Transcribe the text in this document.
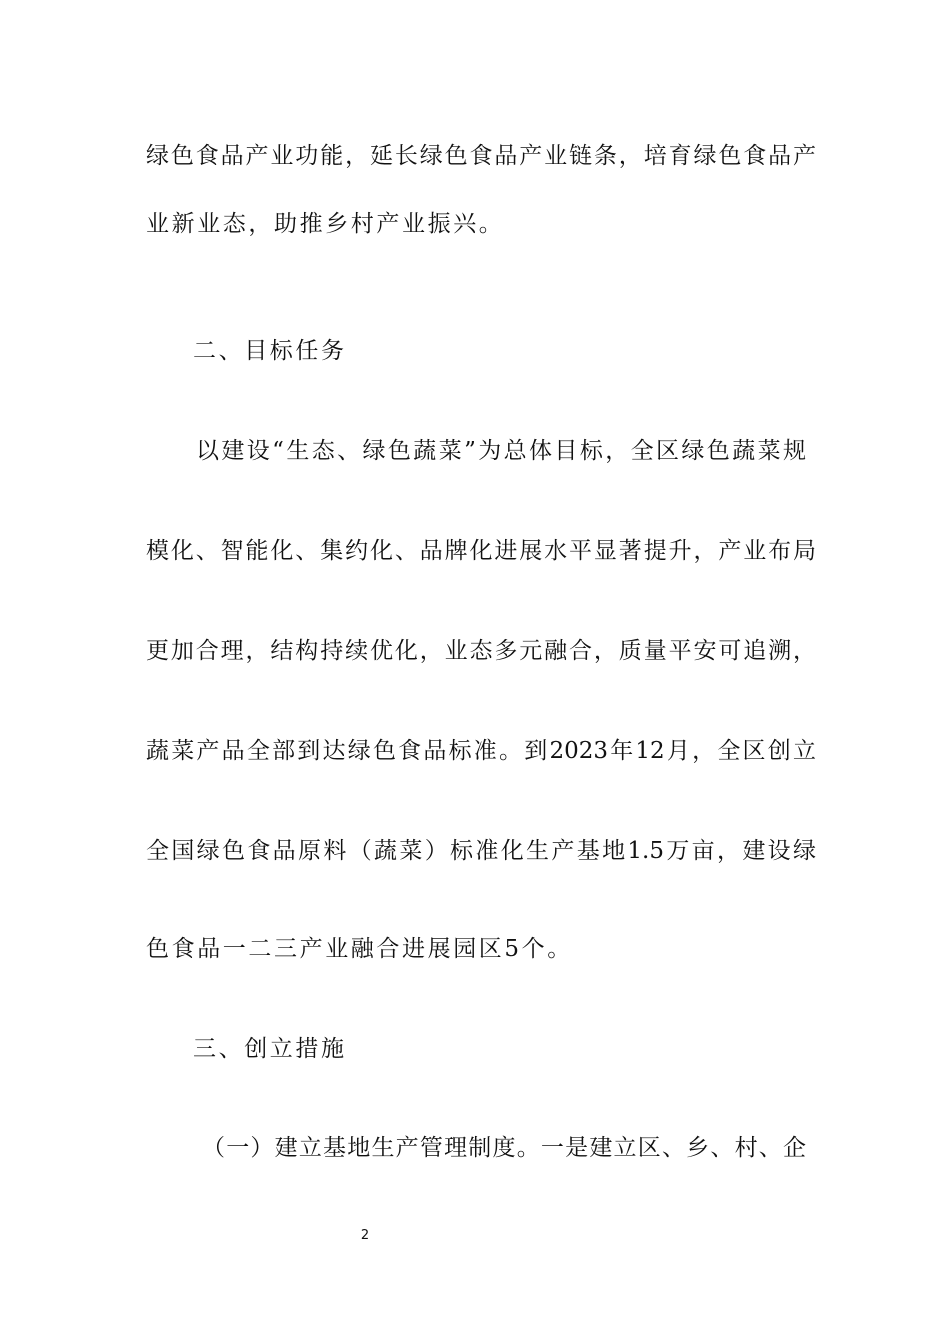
绿色食品产业功能，延长绿色食品产业链条，培育绿色食品产
业新业态，助推乡村产业振兴。
二、目标任务
以建设“生态、绿色蔬菜”为总体目标，全区绿色蔬菜规
模化、智能化、集约化、品牌化进展水平显著提升，产业布局
更加合理，结构持续优化，业态多元融合，质量平安可追溯，
蔬菜产品全部到达绿色食品标准。到2023年12月，全区创立
全国绿色食品原料（蔬菜）标准化生产基地1.5万亩，建设绿
色食品一二三产业融合进展园区5个。
三、创立措施
（一）建立基地生产管理制度。一是建立区、乡、村、企
2
